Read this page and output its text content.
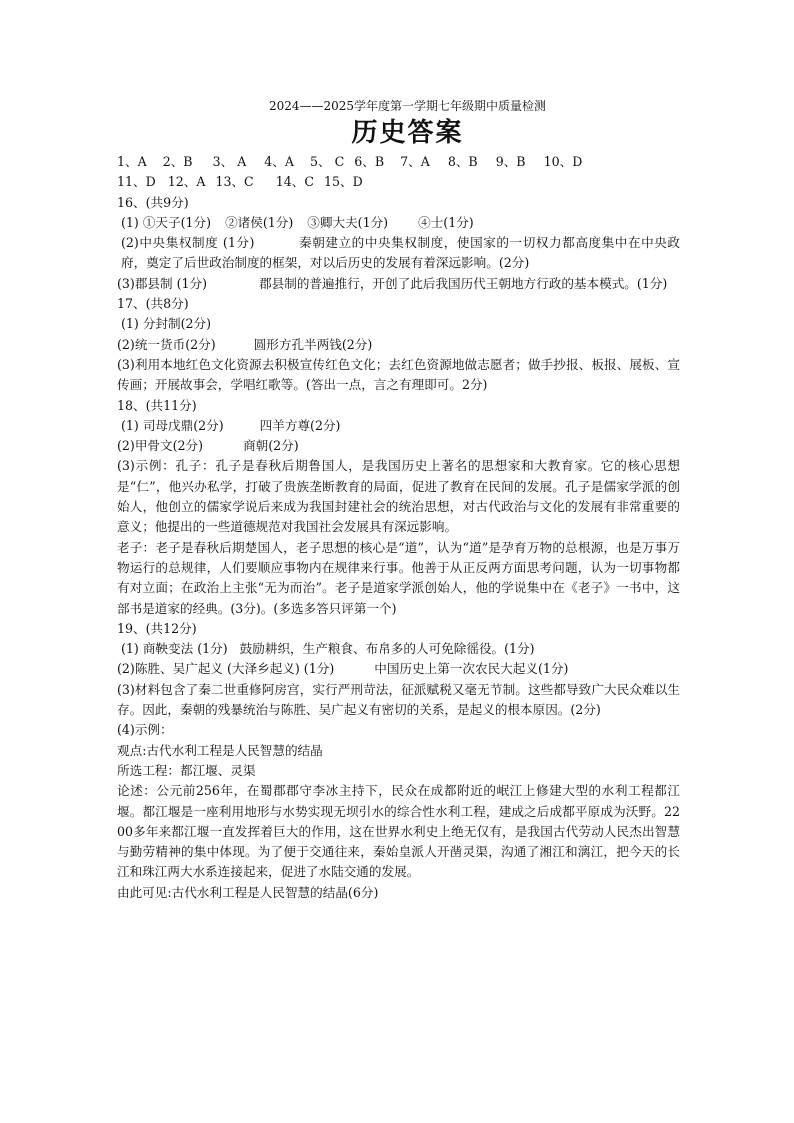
2024——2025学年度第一学期七年级期中质量检测

历史答案
1、A 2、B 3、 A 4、A 5、 C 6、B 7、A 8、B 9、B 10、D
11、D 12、A 13、C 14、C 15、D

16、(共9分)

(1) ①天子(1分) ②诸侯(1分) ③卿大夫(1分) ④士(1分)

(2)中央集权制度 (1分)	秦朝建立的中央集权制度，使国家的一切权力都高度集中在中央政府，奠定了后世政治制度的框架，对以后历史的发展有着深远影响。(2分)

(3)郡县制 (1分)	郡县制的普遍推行，开创了此后我国历代王朝地方行政的基本模式。(1分)

17、(共8分)

(1) 分封制(2分)

(2)统一货币(2分)	圆形方孔半两钱(2分)

(3)利用本地红色文化资源去积极宣传红色文化；去红色资源地做志愿者；做手抄报、板报、展板、宣传画；开展故事会，学唱红歌等。(答出一点，言之有理即可。2分)

18、(共11分)

(1) 司母戊鼎(2分)	四羊方尊(2分)
(2)甲骨文(2分)	商朝(2分)

(3)示例：孔子：孔子是春秋后期鲁国人，是我国历史上著名的思想家和大教育家。它的核心思想是“仁”，他兴办私学，打破了贵族垄断教育的局面，促进了教育在民间的发展。孔子是儒家学派的创始人，他创立的儒家学说后来成为我国封建社会的统治思想，对古代政治与文化的发展有非常重要的意义；他提出的一些道德规范对我国社会发展具有深远影响。

老子：老子是春秋后期楚国人，老子思想的核心是“道”，认为“道”是孕育万物的总根源，也是万事万物运行的总规律，人们要顺应事物内在规律来行事。他善于从正反两方面思考问题，认为一切事物都有对立面；在政治上主张“无为而治”。老子是道家学派创始人，他的学说集中在《老子》一书中，这部书是道家的经典。(3分)。(多选多答只评第一个)

19、(共12分)

(1) 商鞅变法 (1分) 鼓励耕织，生产粮食、布帛多的人可免除徭役。(1分)
(2)陈胜、吴广起义 (大泽乡起义) (1分)	中国历史上第一次农民大起义(1分)

(3)材料包含了秦二世重修阿房宫，实行严刑苛法，征派赋税又毫无节制。这些都导致广大民众难以生存。因此，秦朝的残暴统治与陈胜、吴广起义有密切的关系，是起义的根本原因。(2分)

(4)示例：

观点:古代水利工程是人民智慧的结晶

所选工程：都江堰、灵渠

论述：公元前256年，在蜀郡郡守李冰主持下，民众在成都附近的岷江上修建大型的水利工程都江堰。都江堰是一座利用地形与水势实现无坝引水的综合性水利工程，建成之后成都平原成为沃野。2200多年来都江堰一直发挥着巨大的作用，这在世界水利史上绝无仅有，是我国古代劳动人民杰出智慧与勤劳精神的集中体现。为了便于交通往来，秦始皇派人开凿灵渠，沟通了湘江和漓江，把今天的长江和珠江两大水系连接起来，促进了水陆交通的发展。

由此可见:古代水利工程是人民智慧的结晶(6分)
